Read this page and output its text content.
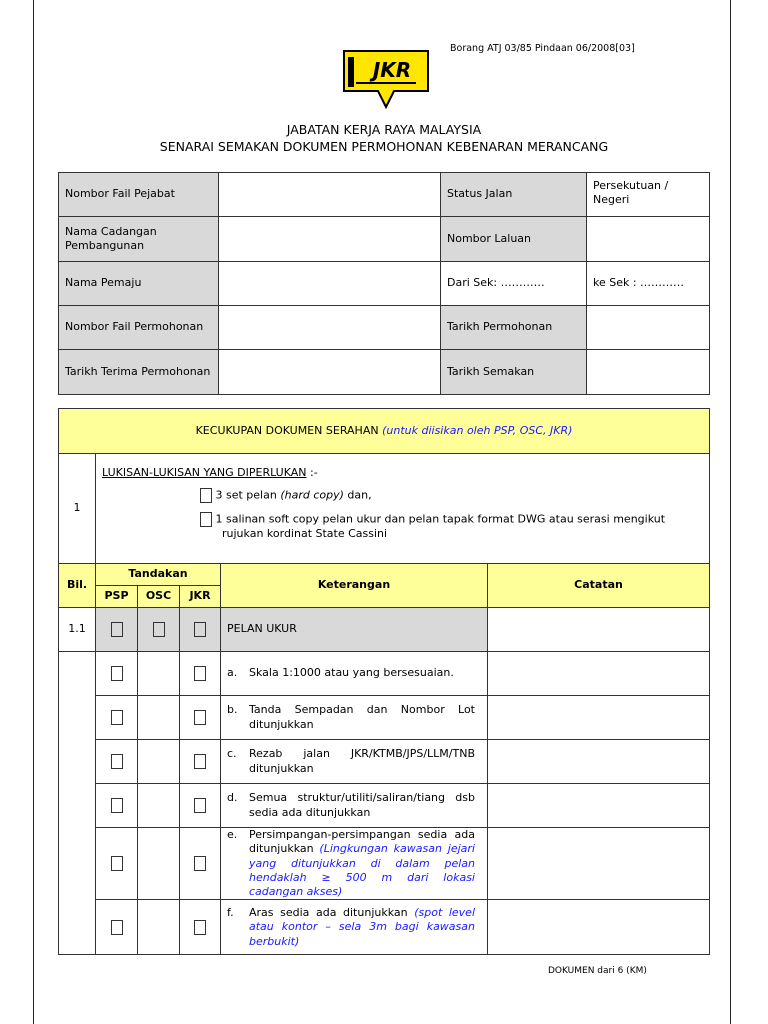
Borang ATJ 03/85 Pindaan 06/2008[03]
JKR
JABATAN KERJA RAYA MALAYSIA
SENARAI SEMAKAN DOKUMEN PERMOHONAN KEBENARAN MERANCANG
Nombor Fail Pejabat		Status Jalan	Persekutuan / Negeri
Nama Cadangan Pembangunan		Nombor Laluan	
Nama Pemaju		Dari Sek: …………	ke Sek : …………
Nombor Fail Permohonan		Tarikh Permohonan	
Tarikh Terima Permohonan		Tarikh Semakan	
KECUKUPAN DOKUMEN SERAHAN (untuk diisikan oleh PSP, OSC, JKR)					
1	LUKISAN-LUKISAN YANG DIPERLUKAN :-
3 set pelan (hard copy) dan,
1 salinan soft copy pelan ukur dan pelan tapak format DWG atau serasi mengikut
rujukan kordinat State Cassini				

Bil.	Tandakan			Keterangan	Catatan
	PSP	OSC	JKR		
1.1				PELAN UKUR	
				a. Skala 1:1000 atau yang bersesuaian.	
				b. Tanda Sempadan dan Nombor Lot ditunjukkan	
				c. Rezab jalan JKR/KTMB/JPS/LLM/TNB ditunjukkan	
				d. Semua struktur/utiliti/saliran/tiang dsb sedia ada ditunjukkan	
				e. Persimpangan-persimpangan sedia ada ditunjukkan (Lingkungan kawasan jejari yang ditunjukkan di dalam pelan hendaklah ≥ 500 m dari lokasi cadangan akses)	
				f. Aras sedia ada ditunjukkan (spot level atau kontor – sela 3m bagi kawasan berbukit)	
DOKUMEN dari 6 (KM)
